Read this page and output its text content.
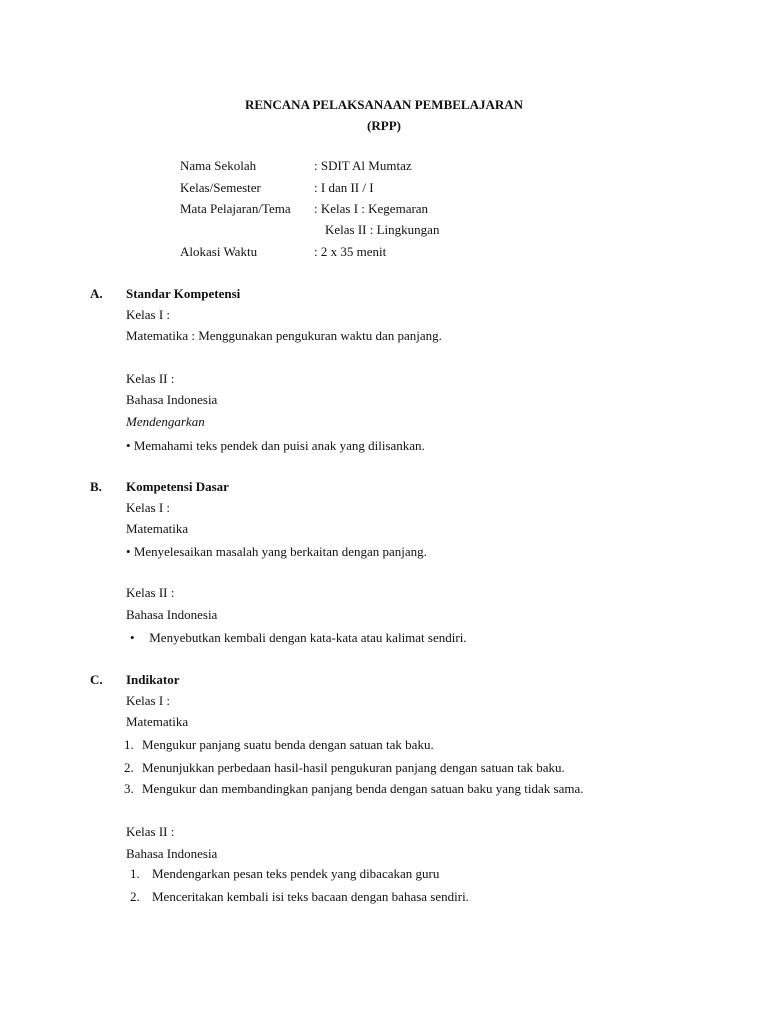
RENCANA PELAKSANAAN PEMBELAJARAN
(RPP)
Nama Sekolah	: SDIT Al Mumtaz
Kelas/Semester	: I dan II / I
Mata Pelajaran/Tema : Kelas I : Kegemaran
Kelas II : Lingkungan
Alokasi Waktu	: 2 x 35 menit
A. Standar Kompetensi
Kelas I :
Matematika : Menggunakan pengukuran waktu dan panjang.
Kelas II :
Bahasa Indonesia
Mendengarkan
• Memahami teks pendek dan puisi anak yang dilisankan.
B. Kompetensi Dasar
Kelas I :
Matematika
• Menyelesaikan masalah yang berkaitan dengan panjang.
Kelas II :
Bahasa Indonesia
• Menyebutkan kembali dengan kata-kata atau kalimat sendiri.
C. Indikator
Kelas I :
Matematika
1. Mengukur panjang suatu benda dengan satuan tak baku.
2. Menunjukkan perbedaan hasil-hasil pengukuran panjang dengan satuan tak baku.
3. Mengukur dan membandingkan panjang benda dengan satuan baku yang tidak sama.
Kelas II :
Bahasa Indonesia
1. Mendengarkan pesan teks pendek yang dibacakan guru
2. Menceritakan kembali isi teks bacaan dengan bahasa sendiri.
